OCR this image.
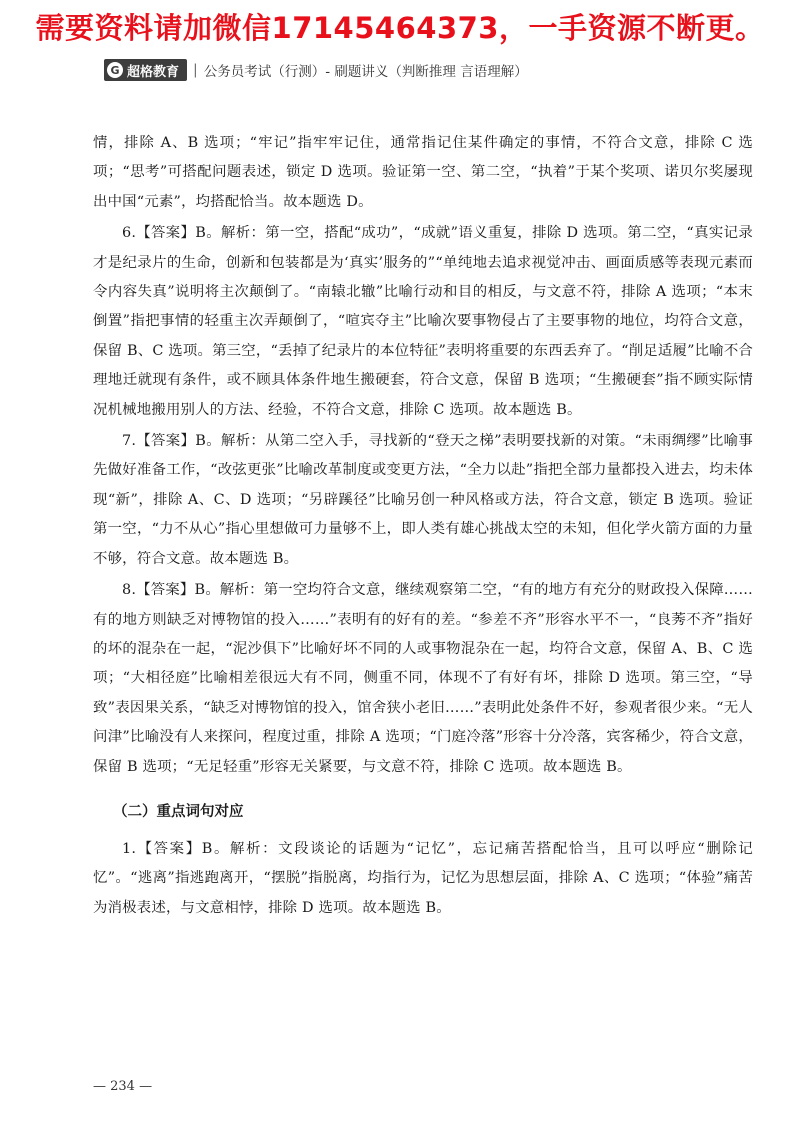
需要资料请加微信17145464373，一手资源不断更。
G 超格教育 | 公务员考试（行测）- 刷题讲义（判断推理 言语理解）

情，排除 A、B 选项；“牢记”指牢牢记住，通常指记住某件确定的事情，不符合文意，排除 C 选项；“思考”可搭配问题表述，锁定 D 选项。验证第一空、第二空，“执着”于某个奖项、诺贝尔奖屡现出中国“元素”，均搭配恰当。故本题选 D。

6.【答案】B。解析：第一空，搭配“成功”，“成就”语义重复，排除 D 选项。第二空，“真实记录才是纪录片的生命，创新和包装都是为‘真实’服务的”“单纯地去追求视觉冲击、画面质感等表现元素而令内容失真”说明将主次颠倒了。“南辕北辙”比喻行动和目的相反，与文意不符，排除 A 选项；“本末倒置”指把事情的轻重主次弄颠倒了，“喧宾夺主”比喻次要事物侵占了主要事物的地位，均符合文意，保留 B、C 选项。第三空，“丢掉了纪录片的本位特征”表明将重要的东西丢弃了。“削足适履”比喻不合理地迁就现有条件，或不顾具体条件地生搬硬套，符合文意，保留 B 选项；“生搬硬套”指不顾实际情况机械地搬用别人的方法、经验，不符合文意，排除 C 选项。故本题选 B。

7.【答案】B。解析：从第二空入手，寻找新的“登天之梯”表明要找新的对策。“未雨绸缪”比喻事先做好准备工作，“改弦更张”比喻改革制度或变更方法，“全力以赴”指把全部力量都投入进去，均未体现“新”，排除 A、C、D 选项；“另辟蹊径”比喻另创一种风格或方法，符合文意，锁定 B 选项。验证第一空，“力不从心”指心里想做可力量够不上，即人类有雄心挑战太空的未知，但化学火箭方面的力量不够，符合文意。故本题选 B。

8.【答案】B。解析：第一空均符合文意，继续观察第二空，“有的地方有充分的财政投入保障……有的地方则缺乏对博物馆的投入……”表明有的好有的差。“参差不齐”形容水平不一，“良莠不齐”指好的坏的混杂在一起，“泥沙俱下”比喻好坏不同的人或事物混杂在一起，均符合文意，保留 A、B、C 选项；“大相径庭”比喻相差很远大有不同，侧重不同，体现不了有好有坏，排除 D 选项。第三空，“导致”表因果关系，“缺乏对博物馆的投入，馆舍狭小老旧……”表明此处条件不好，参观者很少来。“无人问津”比喻没有人来探问，程度过重，排除 A 选项；“门庭冷落”形容十分冷落，宾客稀少，符合文意，保留 B 选项；“无足轻重”形容无关紧要，与文意不符，排除 C 选项。故本题选 B。

（二）重点词句对应

1.【答案】B。解析：文段谈论的话题为“记忆”，忘记痛苦搭配恰当，且可以呼应“删除记忆”。“逃离”指逃跑离开，“摆脱”指脱离，均指行为，记忆为思想层面，排除 A、C 选项；“体验”痛苦为消极表述，与文意相悖，排除 D 选项。故本题选 B。

— 234 —
